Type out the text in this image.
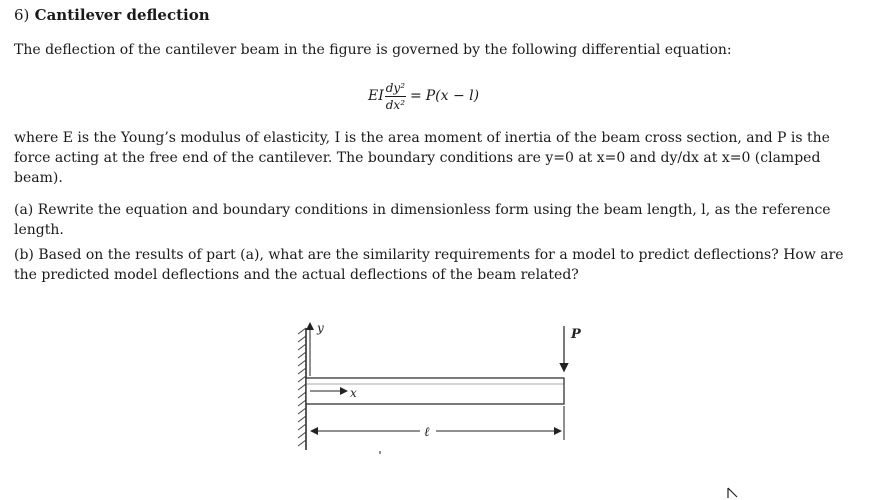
6) Cantilever deflection
The deflection of the cantilever beam in the figure is governed by the following differential equation:
EI $\frac{\text{dy²}}{\text{dx²}} = P(x - l)$
where E is the Young’s modulus of elasticity, I is the area moment of inertia of the beam cross section, and P is the force acting at the free end of the cantilever. The boundary conditions are y=0 at x=0 and dy/dx at x=0 (clamped beam).
(a) Rewrite the equation and boundary conditions in dimensionless form using the beam length, l, as the reference length.
(b) Based on the results of part (a), what are the similarity requirements for a model to predict deflections? How are the predicted model deflections and the actual deflections of the beam related?
y
x
P
ℓ
